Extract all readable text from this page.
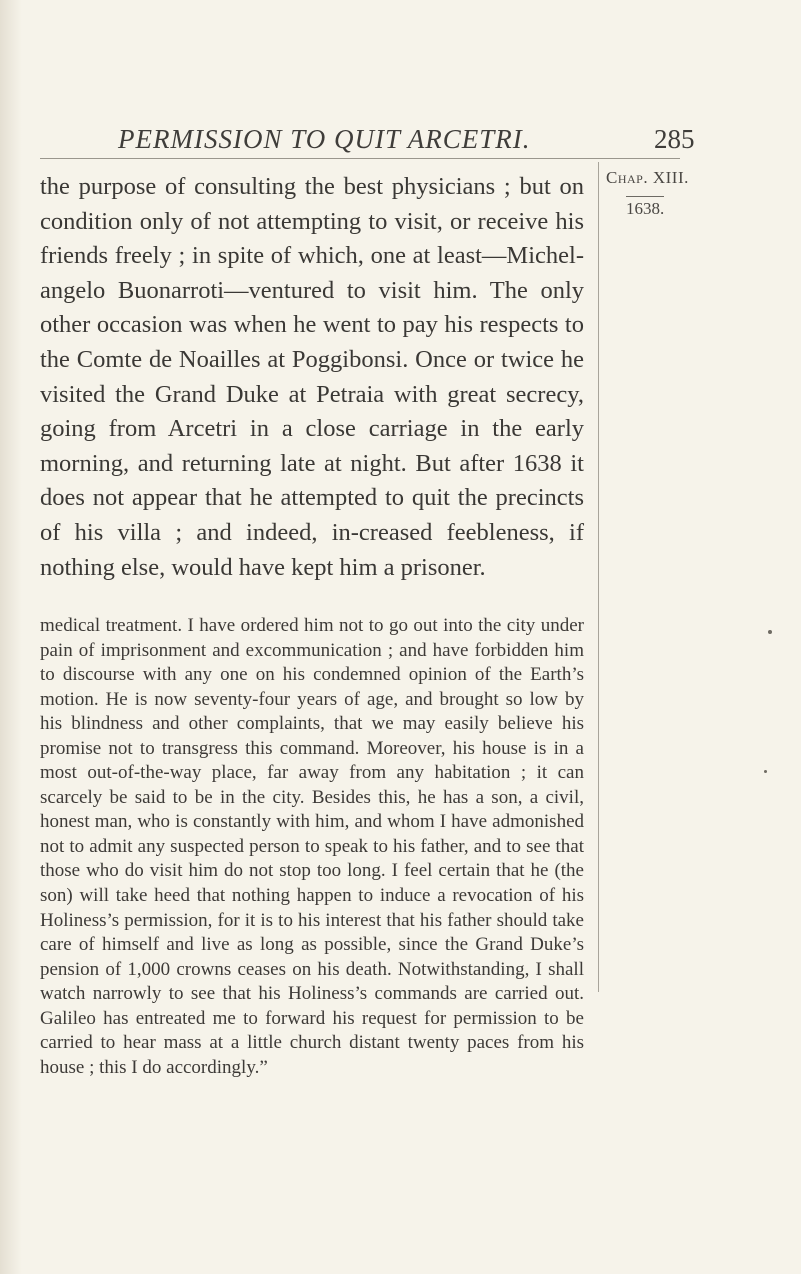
PERMISSION TO QUIT ARCETRI.	285

the purpose of consulting the best physicians ; but on condition only of not attempting to visit, or receive his friends freely ; in spite of which, one at least—Michel-angelo Buonarroti—ventured to visit him. The only other occasion was when he went to pay his respects to the Comte de Noailles at Poggibonsi. Once or twice he visited the Grand Duke at Petraia with great secrecy, going from Arcetri in a close carriage in the early morning, and returning late at night. But after 1638 it does not appear that he attempted to quit the precincts of his villa ; and indeed, in-creased feebleness, if nothing else, would have kept him a prisoner.

medical treatment. I have ordered him not to go out into the city under pain of imprisonment and excommunication ; and have forbidden him to discourse with any one on his condemned opinion of the Earth’s motion. He is now seventy-four years of age, and brought so low by his blindness and other complaints, that we may easily believe his promise not to transgress this command. Moreover, his house is in a most out-of-the-way place, far away from any habitation ; it can scarcely be said to be in the city. Besides this, he has a son, a civil, honest man, who is constantly with him, and whom I have admonished not to admit any suspected person to speak to his father, and to see that those who do visit him do not stop too long. I feel certain that he (the son) will take heed that nothing happen to induce a revocation of his Holiness’s permission, for it is to his interest that his father should take care of himself and live as long as possible, since the Grand Duke’s pension of 1,000 crowns ceases on his death. Notwithstanding, I shall watch narrowly to see that his Holiness’s commands are carried out. Galileo has entreated me to forward his request for permission to be carried to hear mass at a little church distant twenty paces from his house ; this I do accordingly.”

Chap. XIII.
1638.
